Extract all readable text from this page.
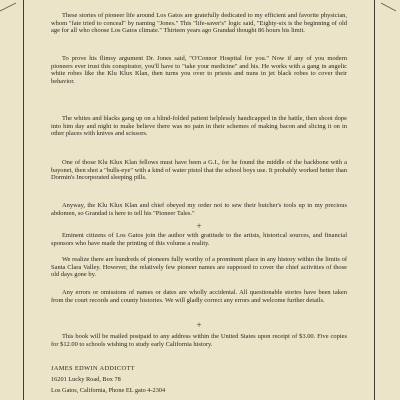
These stories of pioneer life around Los Gatos are gratefully dedicated to my efficient and favorite physician, whom "fate tried to conceal" by naming "Jones." This "life-saver's" logic said, "Eighty-six is the beginning of old age for all who choose Los Gatos climate." Thirteen years ago Grandad thought 86 hours his limit.

To prove his flimsy argument Dr. Jones said, "O'Connor Hospital for you." Now if any of you modern pioneers ever trust this conspirator, you'll have to "take your medicine" and his. He works with a gang in angelic white robes like the Klu Klux Klan, then turns you over to priests and nuns in jet black robes to cover their behavior.

The whites and blacks gang up on a blind-folded patient helplessly handicapped in the battle, then shoot dope into him day and night to make believe there was no pain in their schemes of making bacon and slicing it on in other places with knives and scissors.

One of those Klu Klux Klan fellows must have been a G.I., for he found the middle of the backbone with a bayonet, then shot a "bulls-eye" with a kind of water pistol that the school boys use. It probably worked better than Dormin's Incorporated sleeping pills.

Anyway, the Klu Klux Klan and chief obeyed my order not to sew their butcher's tools up in my precious abdomen, so Grandad is here to tell his "Pioneer Tales."

+

Eminent citizens of Los Gatos join the author with gratitude to the artists, historical sources, and financial sponsors who have made the printing of this volume a reality.

We realize there are hundreds of pioneers fully worthy of a prominent place in any history within the limits of Santa Clara Valley. However, the relatively few pioneer names are supposed to cover the chief activities of those old days gone by.

Any errors or omissions of names or dates are wholly accidental. All questionable stories have been taken from the court records and county histories. We will gladly correct any errors and welcome further details.

+

This book will be mailed postpaid to any address within the United States upon receipt of $3.00. Five copies for $12.00 to schools wishing to study early California history.

JAMES EDWIN ADDICOTT
16201 Lucky Road, Box 78
Los Gatos, California, Phone EL gato 4-2304
